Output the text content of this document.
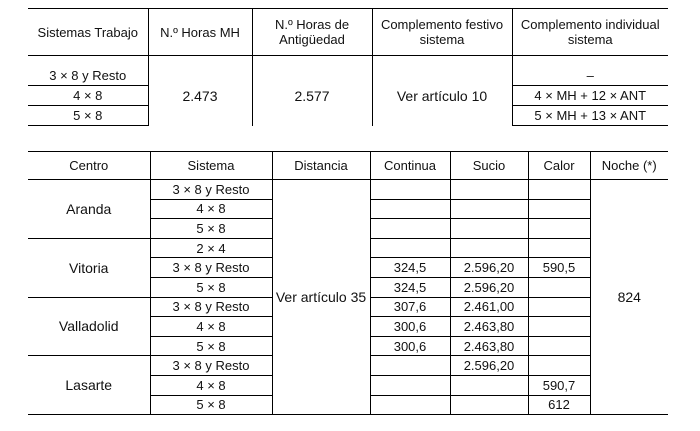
Sistemas Trabajo	N.º Horas MH	N.º Horas de Antigüedad	Complemento festivo sistema	Complemento individual sistema

3 × 8 y Resto	2.473	2.577	Ver artículo 10	–
4 × 8				4 × MH + 12 × ANT
5 × 8				5 × MH + 13 × ANT
Centro	Sistema	Distancia	Continua	Sucio	Calor	Noche (*)
Aranda	3 × 8 y Resto	Ver artículo 35				824
	4 × 8					
	5 × 8					
Vitoria	2 × 4					
	3 × 8 y Resto		324,5	2.596,20	590,5	
	5 × 8		324,5	2.596,20		
Valladolid	3 × 8 y Resto		307,6	2.461,00		
	4 × 8		300,6	2.463,80		
	5 × 8		300,6	2.463,80		
Lasarte	3 × 8 y Resto			2.596,20		
	4 × 8				590,7	
	5 × 8				612	
